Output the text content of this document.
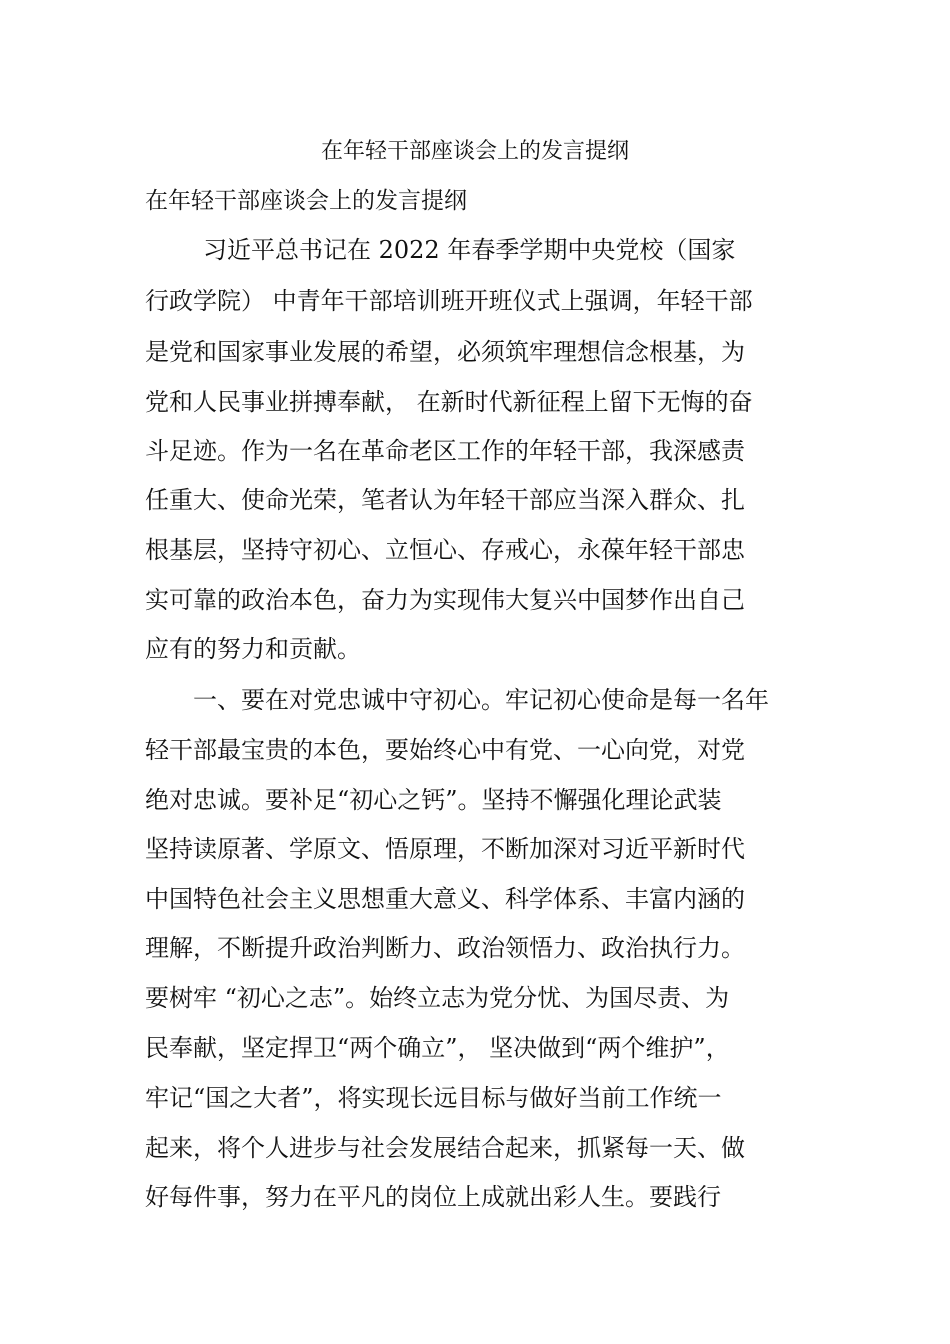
在年轻干部座谈会上的发言提纲
在年轻干部座谈会上的发言提纲
习近平总书记在 2022 年春季学期中央党校（国家
行政学院） 中青年干部培训班开班仪式上强调，年轻干部
是党和国家事业发展的希望，必须筑牢理想信念根基，为
党和人民事业拼搏奉献， 在新时代新征程上留下无悔的奋
斗足迹。作为一名在革命老区工作的年轻干部，我深感责
任重大、使命光荣，笔者认为年轻干部应当深入群众、扎
根基层，坚持守初心、立恒心、存戒心，永葆年轻干部忠
实可靠的政治本色，奋力为实现伟大复兴中国梦作出自己
应有的努力和贡献。
一、要在对党忠诚中守初心。牢记初心使命是每一名年
轻干部最宝贵的本色，要始终心中有党、一心向党，对党
绝对忠诚。要补足“初心之钙”。坚持不懈强化理论武装
坚持读原著、学原文、悟原理，不断加深对习近平新时代
中国特色社会主义思想重大意义、科学体系、丰富内涵的
理解，不断提升政治判断力、政治领悟力、政治执行力。
要树牢 “初心之志”。始终立志为党分忧、为国尽责、为
民奉献，坚定捍卫“两个确立”， 坚决做到“两个维护”，
牢记“国之大者”，将实现长远目标与做好当前工作统一
起来，将个人进步与社会发展结合起来，抓紧每一天、做
好每件事，努力在平凡的岗位上成就出彩人生。要践行
